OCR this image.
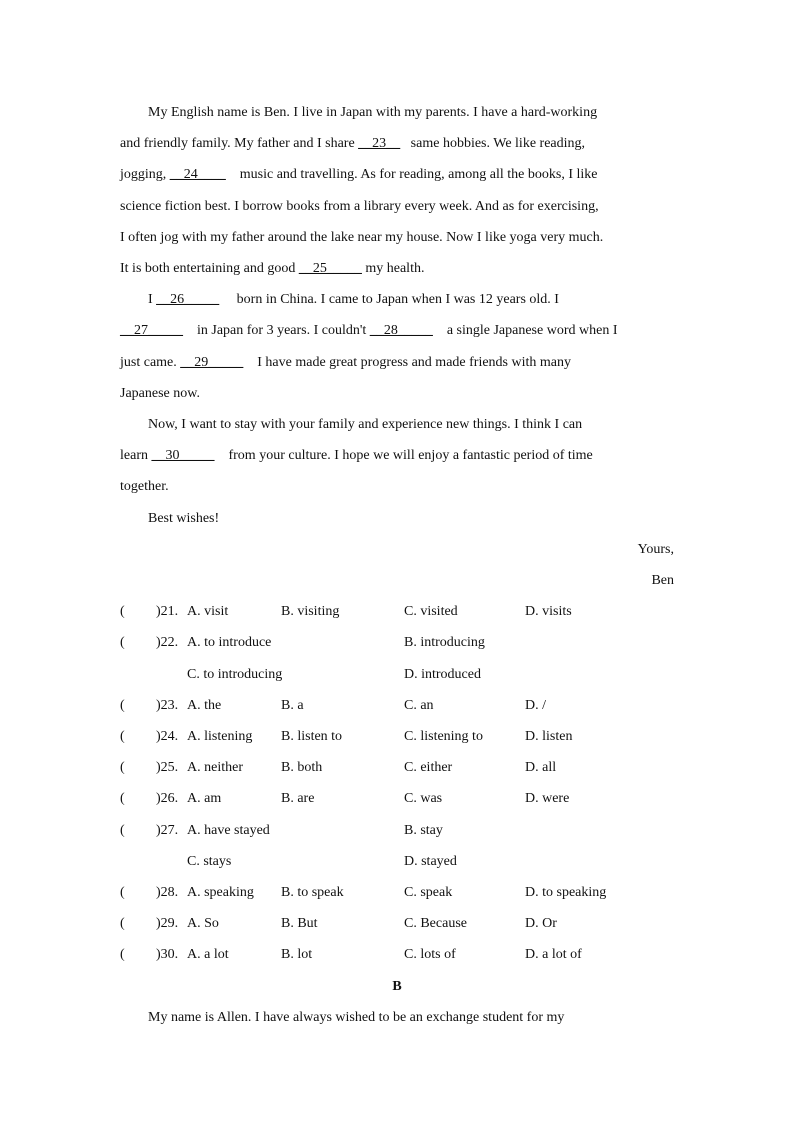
My English name is Ben. I live in Japan with my parents. I have a hard-working
and friendly family. My father and I share __23__ same hobbies. We like reading,
jogging, __24____ music and travelling. As for reading, among all the books, I like
science fiction best. I borrow books from a library every week. And as for exercising,
I often jog with my father around the lake near my house. Now I like yoga very much.
It is both entertaining and good __25_____ my health.

I __26_____ born in China. I came to Japan when I was 12 years old. I
__27_____ in Japan for 3 years. I couldn't __28_____ a single Japanese word when I
just came. __29_____ I have made great progress and made friends with many
Japanese now.

Now, I want to stay with your family and experience new things. I think I can
learn __30_____ from your culture. I hope we will enjoy a fantastic period of time
together.

Best wishes!

Yours,

Ben

( )21. A. visit	B. visiting	C. visited	D. visits
( )22. A. to introduce	B. introducing
C. to introducing	D. introduced
( )23. A. the	B. a	C. an	D. /
( )24. A. listening B. listen to	C. listening to	D. listen
( )25. A. neither	B. both	C. either	D. all
( )26. A. am	B. are	C. was	D. were
( )27. A. have stayed	B. stay
C. stays	D. stayed
( )28. A. speaking B. to speak	C. speak	D. to speaking
( )29. A. So	B. But	C. Because	D. Or
( )30. A. a lot	B. lot	C. lots of	D. a lot of

B

My name is Allen. I have always wished to be an exchange student for my
